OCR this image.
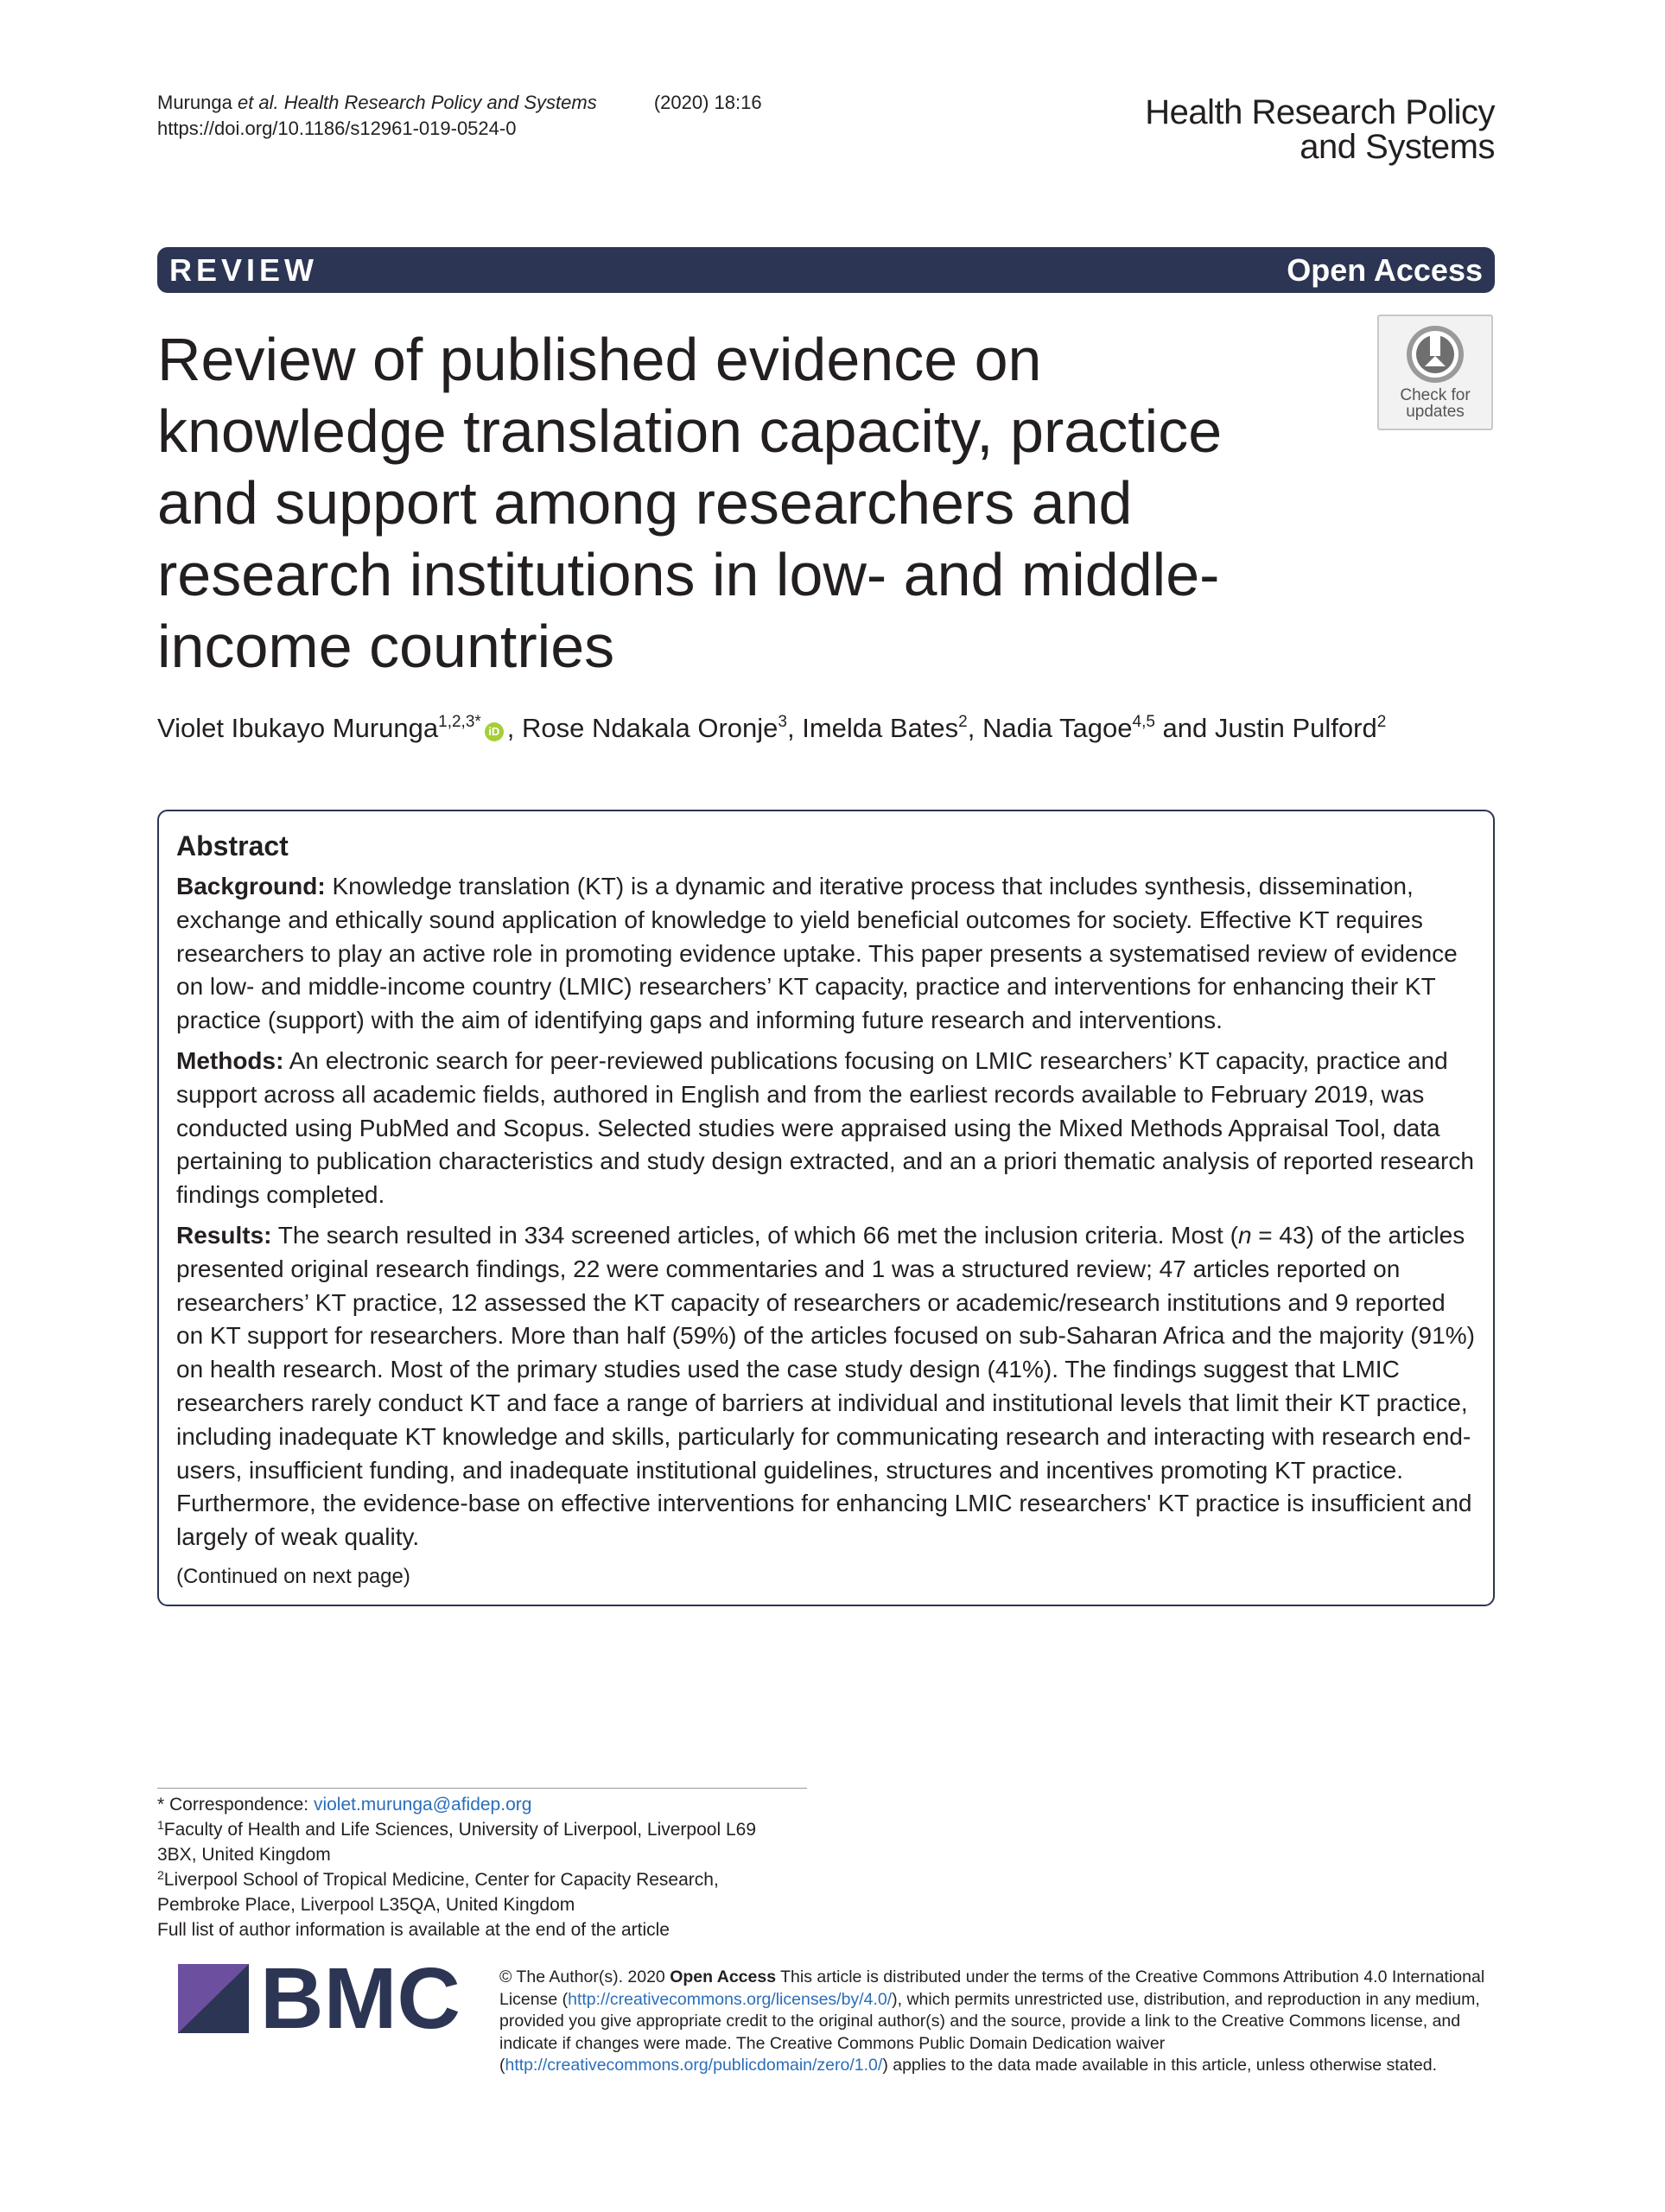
Murunga et al. Health Research Policy and Systems	(2020) 18:16
https://doi.org/10.1186/s12961-019-0524-0	Health Research Policy
and Systems
REVIEW	Open Access
Review of published evidence on knowledge translation capacity, practice and support among researchers and research institutions in low- and middle-income countries
Check for
updates
Violet Ibukayo Murunga$^{1,2,3*}$iD , Rose Ndakala Oronje$^3$, Imelda Bates$^2$, Nadia Tagoe$^{4,5}$ and Justin Pulford$^2$
Abstract

Background: Knowledge translation (KT) is a dynamic and iterative process that includes synthesis, dissemination, exchange and ethically sound application of knowledge to yield beneficial outcomes for society. Effective KT requires researchers to play an active role in promoting evidence uptake. This paper presents a systematised review of evidence on low- and middle-income country (LMIC) researchers’ KT capacity, practice and interventions for enhancing their KT practice (support) with the aim of identifying gaps and informing future research and interventions.

Methods: An electronic search for peer-reviewed publications focusing on LMIC researchers’ KT capacity, practice and support across all academic fields, authored in English and from the earliest records available to February 2019, was conducted using PubMed and Scopus. Selected studies were appraised using the Mixed Methods Appraisal Tool, data pertaining to publication characteristics and study design extracted, and an a priori thematic analysis of reported research findings completed.

Results: The search resulted in 334 screened articles, of which 66 met the inclusion criteria. Most (n = 43) of the articles presented original research findings, 22 were commentaries and 1 was a structured review; 47 articles reported on researchers’ KT practice, 12 assessed the KT capacity of researchers or academic/research institutions and 9 reported on KT support for researchers. More than half (59%) of the articles focused on sub-Saharan Africa and the majority (91%) on health research. Most of the primary studies used the case study design (41%). The findings suggest that LMIC researchers rarely conduct KT and face a range of barriers at individual and institutional levels that limit their KT practice, including inadequate KT knowledge and skills, particularly for communicating research and interacting with research end-users, insufficient funding, and inadequate institutional guidelines, structures and incentives promoting KT practice. Furthermore, the evidence-base on effective interventions for enhancing LMIC researchers' KT practice is insufficient and largely of weak quality.

(Continued on next page)
* Correspondence: violet.murunga@afidep.org
$^1$Faculty of Health and Life Sciences, University of Liverpool, Liverpool L69
3BX, United Kingdom
$^2$Liverpool School of Tropical Medicine, Center for Capacity Research,
Pembroke Place, Liverpool L35QA, United Kingdom
Full list of author information is available at the end of the article
BMC © The Author(s). 2020 Open Access This article is distributed under the terms of the Creative Commons Attribution 4.0 International License (http://creativecommons.org/licenses/by/4.0/), which permits unrestricted use, distribution, and reproduction in any medium, provided you give appropriate credit to the original author(s) and the source, provide a link to the Creative Commons license, and indicate if changes were made. The Creative Commons Public Domain Dedication waiver (http://creativecommons.org/publicdomain/zero/1.0/) applies to the data made available in this article, unless otherwise stated.
